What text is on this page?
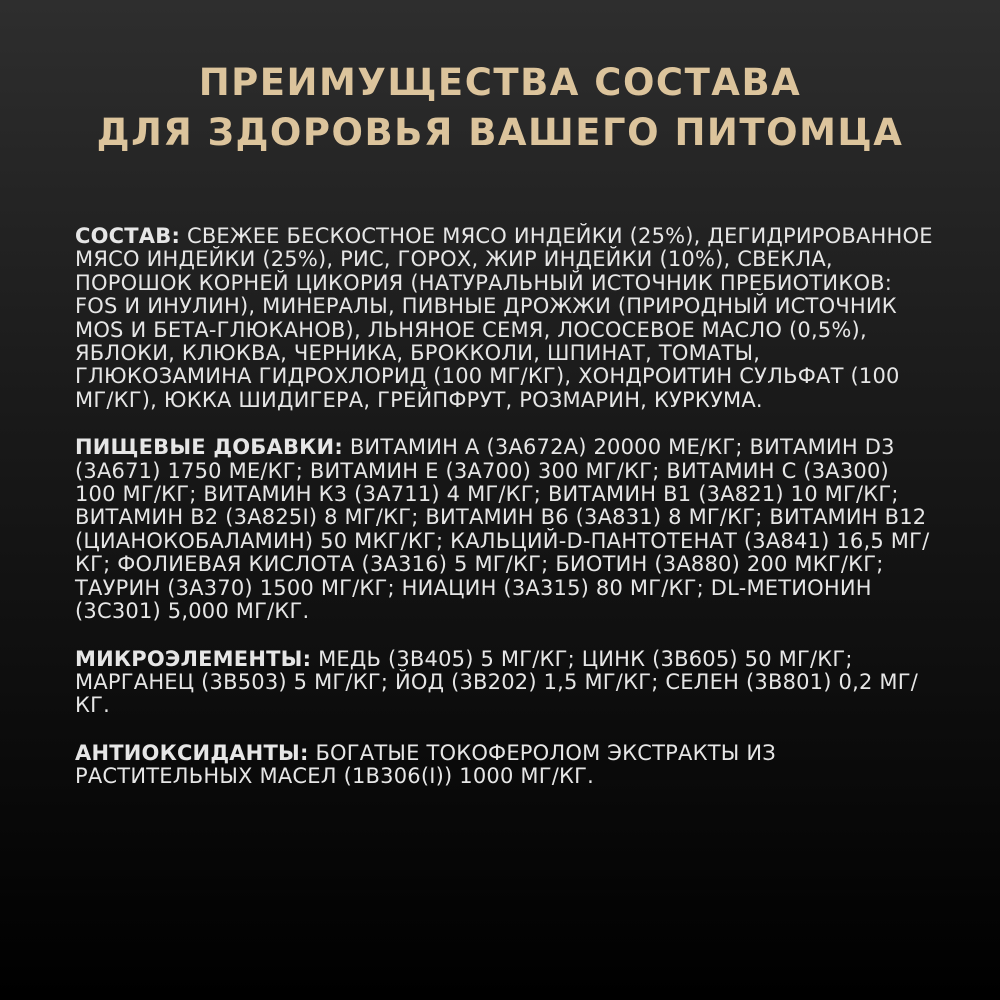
ПРЕИМУЩЕСТВА СОСТАВА
ДЛЯ ЗДОРОВЬЯ ВАШЕГО ПИТОМЦА

СОСТАВ: СВЕЖЕЕ БЕСКОСТНОЕ МЯСО ИНДЕЙКИ (25%), ДЕГИДРИРОВАННОЕ МЯСО ИНДЕЙКИ (25%), РИС, ГОРОХ, ЖИР ИНДЕЙКИ (10%), СВЕКЛА, ПОРОШОК КОРНЕЙ ЦИКОРИЯ (НАТУРАЛЬНЫЙ ИСТОЧНИК ПРЕБИОТИКОВ: FOS И ИНУЛИН), МИНЕРАЛЫ, ПИВНЫЕ ДРОЖЖИ (ПРИРОДНЫЙ ИСТОЧНИК MOS И БЕТА-ГЛЮКАНОВ), ЛЬНЯНОЕ СЕМЯ, ЛОСОСЕВОЕ МАСЛО (0,5%), ЯБЛОКИ, КЛЮКВА, ЧЕРНИКА, БРОККОЛИ, ШПИНАТ, ТОМАТЫ, ГЛЮКОЗАМИНА ГИДРОХЛОРИД (100 МГ/КГ), ХОНДРОИТИН СУЛЬФАТ (100 МГ/КГ), ЮККА ШИДИГЕРА, ГРЕЙПФРУТ, РОЗМАРИН, КУРКУМА.

ПИЩЕВЫЕ ДОБАВКИ: ВИТАМИН А (3А672А) 20000 МЕ/КГ; ВИТАМИН D3 (3А671) 1750 МЕ/КГ; ВИТАМИН Е (3А700) 300 МГ/КГ; ВИТАМИН С (3А300) 100 МГ/КГ; ВИТАМИН К3 (3А711) 4 МГ/КГ; ВИТАМИН В1 (3А821) 10 МГ/КГ; ВИТАМИН В2 (3А825I) 8 МГ/КГ; ВИТАМИН В6 (3А831) 8 МГ/КГ; ВИТАМИН В12 (ЦИАНОКОБАЛАМИН) 50 МКГ/КГ; КАЛЬЦИЙ-D-ПАНТОТЕНАТ (3А841) 16,5 МГ/КГ; ФОЛИЕВАЯ КИСЛОТА (3А316) 5 МГ/КГ; БИОТИН (3А880) 200 МКГ/КГ; ТАУРИН (3А370) 1500 МГ/КГ; НИАЦИН (3А315) 80 МГ/КГ; DL-МЕТИОНИН (3С301) 5,000 МГ/КГ.

МИКРОЭЛЕМЕНТЫ: МЕДЬ (3В405) 5 МГ/КГ; ЦИНК (3В605) 50 МГ/КГ; МАРГАНЕЦ (3В503) 5 МГ/КГ; ЙОД (3В202) 1,5 МГ/КГ; СЕЛЕН (3В801) 0,2 МГ/КГ.

АНТИОКСИДАНТЫ: БОГАТЫЕ ТОКОФЕРОЛОМ ЭКСТРАКТЫ ИЗ РАСТИТЕЛЬНЫХ МАСЕЛ (1В306(I)) 1000 МГ/КГ.
